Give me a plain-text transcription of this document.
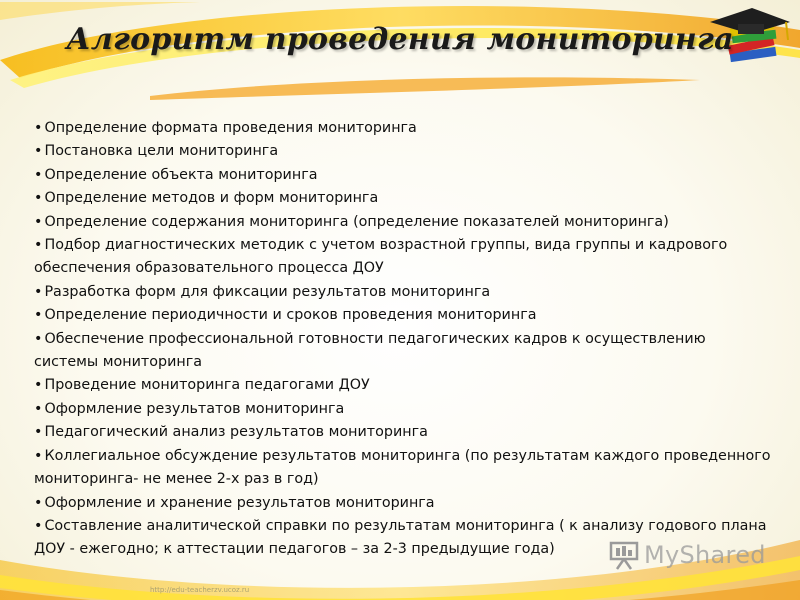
Алгоритм проведения мониторинга
• Определение формата проведения мониторинга
• Постановка цели мониторинга
• Определение объекта мониторинга
• Определение методов и форм мониторинга
• Определение содержания мониторинга (определение показателей мониторинга)
• Подбор диагностических методик с учетом возрастной группы, вида группы и кадрового обеспечения образовательного процесса ДОУ
• Разработка форм для фиксации результатов мониторинга
• Определение периодичности и сроков проведения мониторинга
• Обеспечение профессиональной готовности педагогических кадров к осуществлению системы мониторинга
• Проведение мониторинга педагогами ДОУ
• Оформление результатов мониторинга
• Педагогический анализ результатов мониторинга
• Коллегиальное обсуждение результатов мониторинга (по результатам каждого проведенного мониторинга- не менее 2-х раз в год)
• Оформление и хранение результатов мониторинга
• Составление аналитической справки по результатам мониторинга ( к анализу годового плана ДОУ - ежегодно; к аттестации педагогов – за 2-3 предыдущие года)	MyShared
http://edu-teacherzv.ucoz.ru
